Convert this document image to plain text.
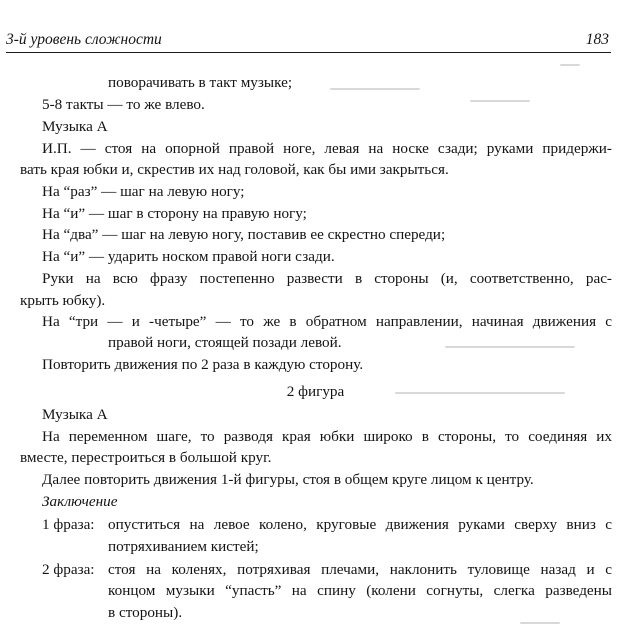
3-й уровень сложности	183
поворачивать в такт музыке;
5-8 такты — то же влево.
Музыка А
И.П. — стоя на опорной правой ноге, левая на носке сзади; руками придержи-
вать края юбки и, скрестив их над головой, как бы ими закрыться.
На “раз” — шаг на левую ногу;
На “и” — шаг в сторону на правую ногу;
На “два” — шаг на левую ногу, поставив ее скрестно спереди;
На “и” — ударить носком правой ноги сзади.
Руки на всю фразу постепенно развести в стороны (и, соответственно, рас-
крыть юбку).
На “три — и -четыре” — то же в обратном направлении, начиная движения с
правой ноги, стоящей позади левой.
Повторить движения по 2 раза в каждую сторону.
2 фигура
Музыка А
На переменном шаге, то разводя края юбки широко в стороны, то соединяя их
вместе, перестроиться в большой круг.
Далее повторить движения 1-й фигуры, стоя в общем круге лицом к центру.
Заключение
1 фраза: опуститься на левое колено, круговые движения руками сверху вниз с
потряхиванием кистей;
2 фраза: стоя на коленях, потряхивая плечами, наклонить туловище назад и с
концом музыки “упасть” на спину (колени согнуты, слегка разведены
в стороны).
